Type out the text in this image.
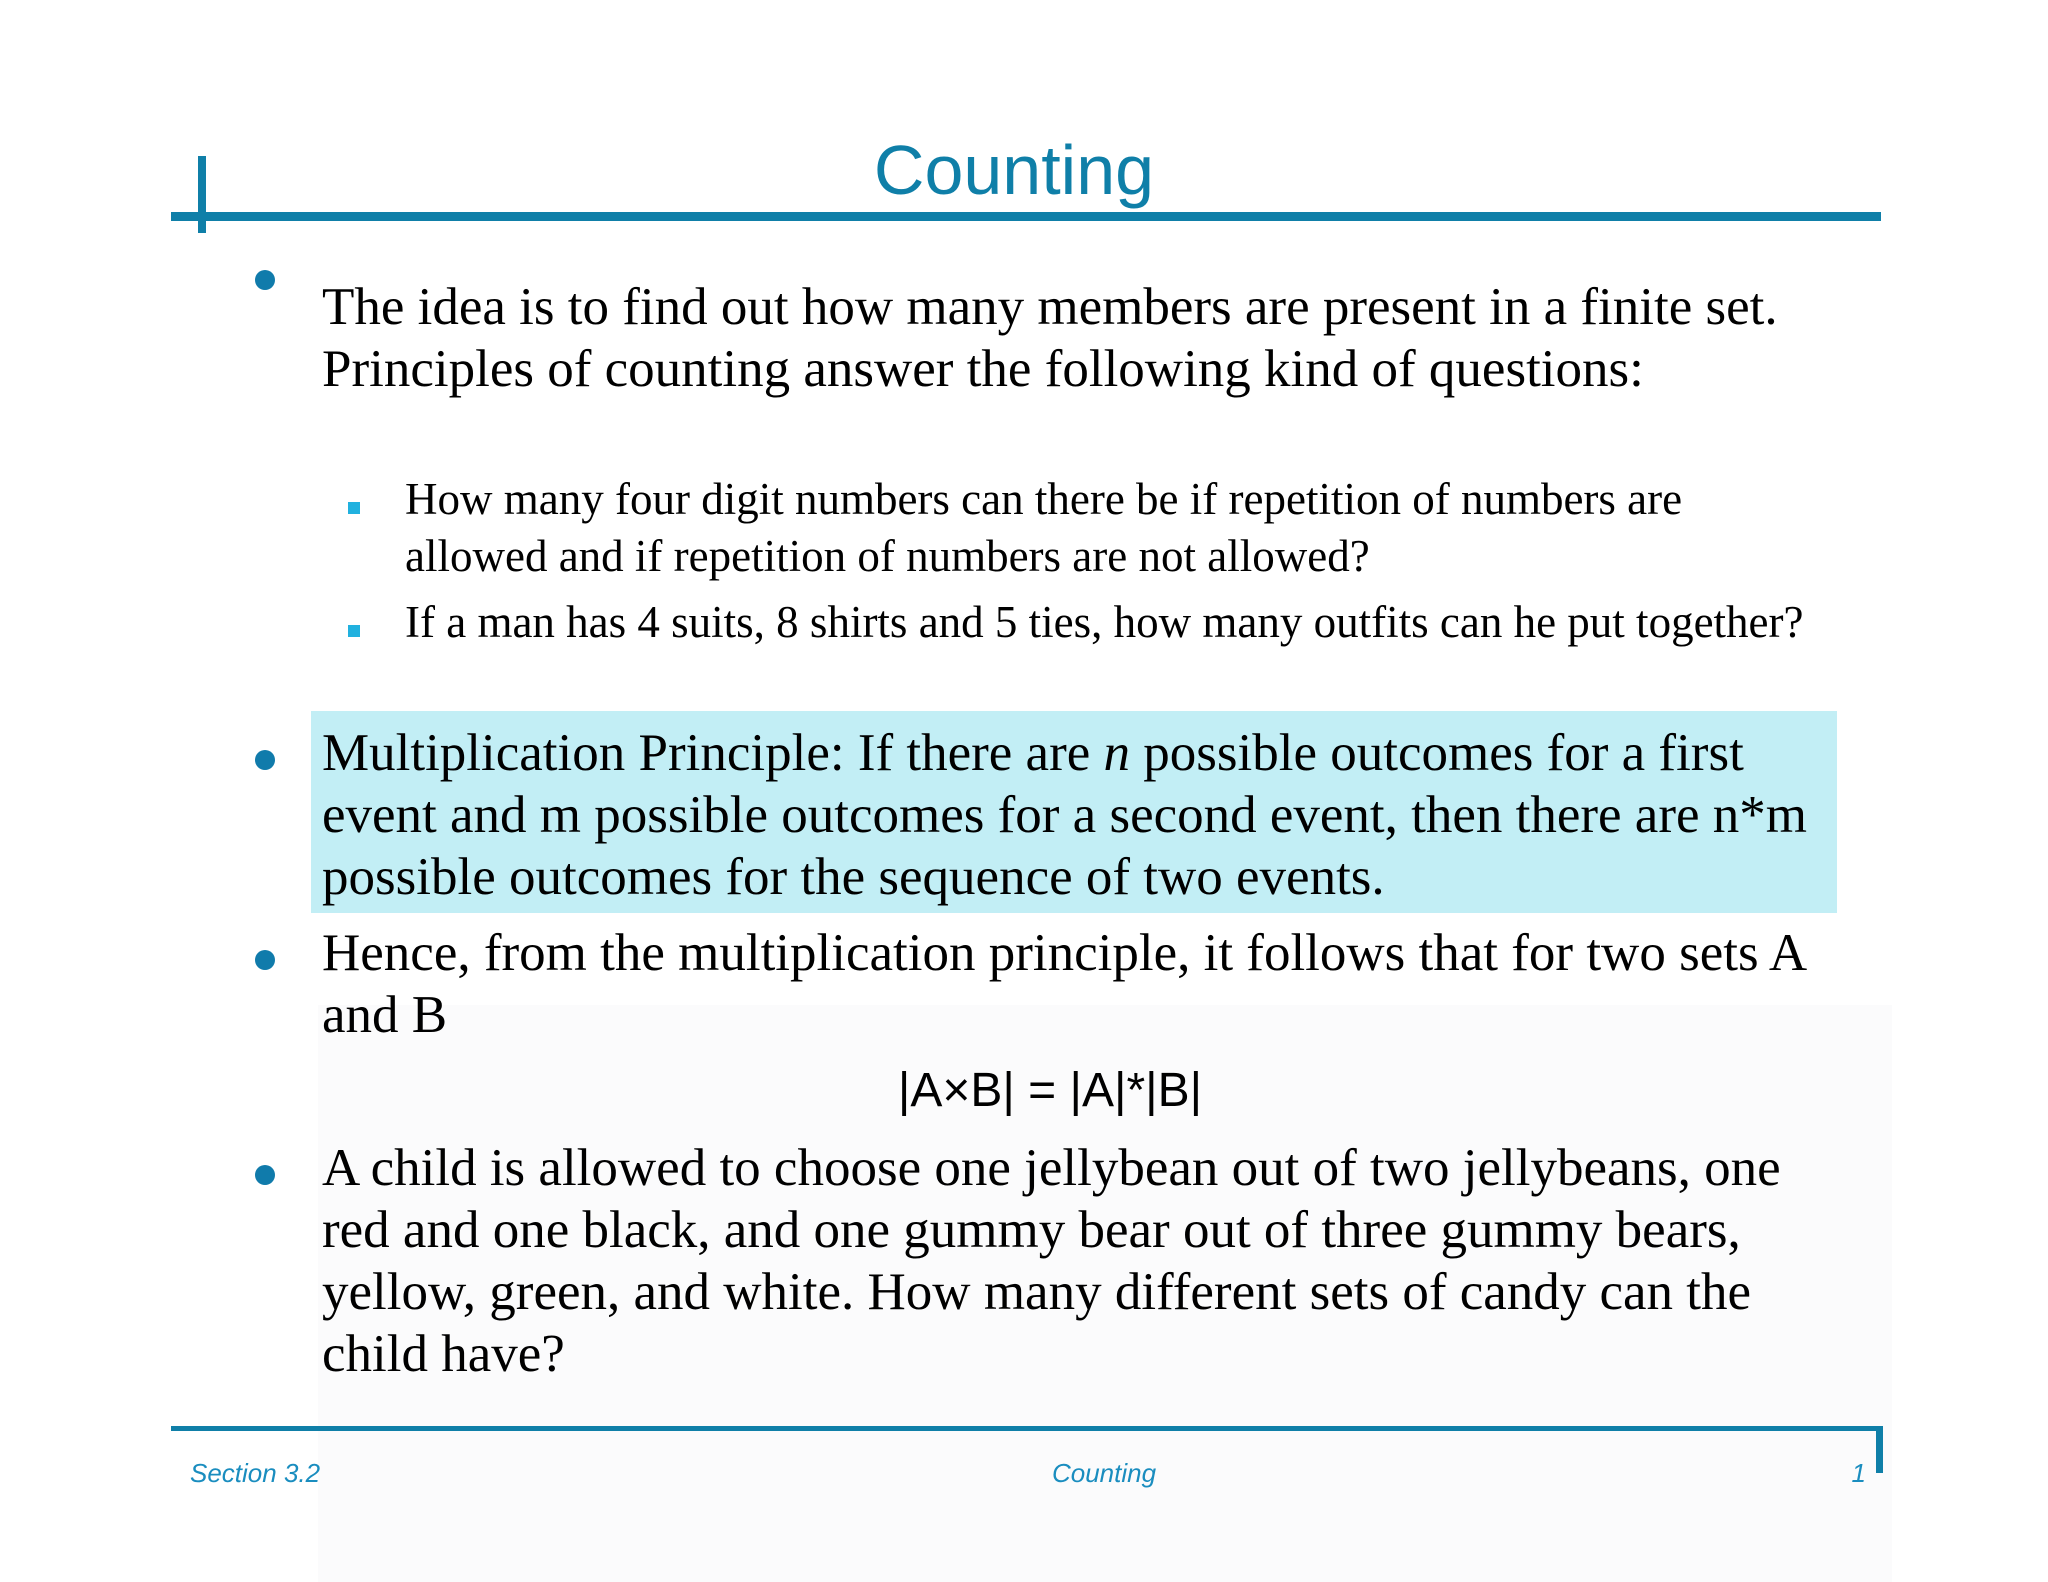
Counting
The idea is to find out how many members are present in a finite set. Principles of counting answer the following kind of questions:
How many four digit numbers can there be if repetition of numbers are allowed and if repetition of numbers are not allowed?
If a man has 4 suits, 8 shirts and 5 ties, how many outfits can he put together?
Multiplication Principle: If there are n possible outcomes for a first event and m possible outcomes for a second event, then there are n*m possible outcomes for the sequence of two events.
Hence, from the multiplication principle, it follows that for two sets A and B
|A×B| = |A|*|B|
A child is allowed to choose one jellybean out of two jellybeans, one red and one black, and one gummy bear out of three gummy bears, yellow, green, and white. How many different sets of candy can the child have?
Section 3.2	Counting	1
